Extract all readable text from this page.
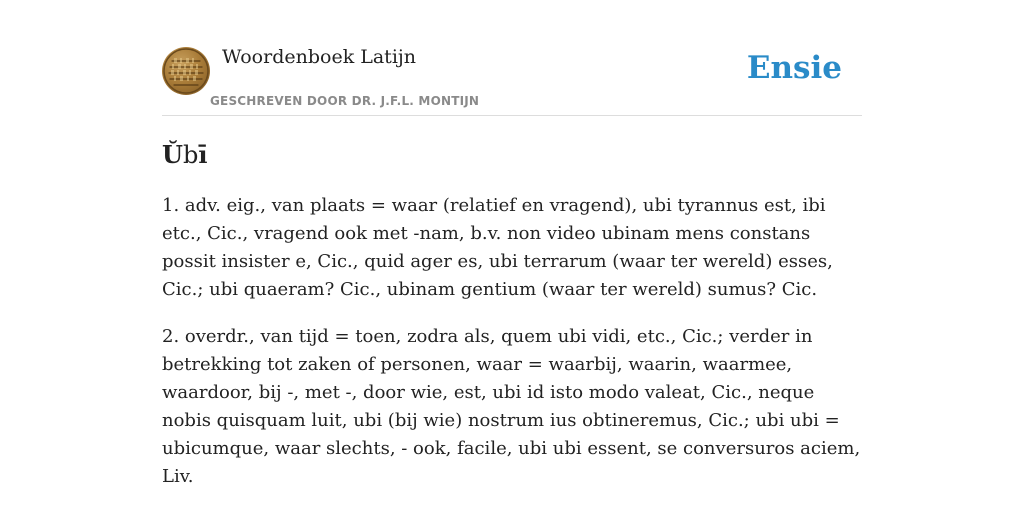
Woordenboek Latijn
GESCHREVEN DOOR DR. J.F.L. MONTIJN
Ensie
Ŭbī

1. adv. eig., van plaats = waar (relatief en vragend), ubi tyrannus est, ibi etc., Cic., vragend ook met -nam, b.v. non video ubinam mens constans possit insister e, Cic., quid ager es, ubi terrarum (waar ter wereld) esses, Cic.; ubi quaeram? Cic., ubinam gentium (waar ter wereld) sumus? Cic.

2. overdr., van tijd = toen, zodra als, quem ubi vidi, etc., Cic.; verder in betrekking tot zaken of personen, waar = waarbij, waarin, waarmee, waardoor, bij -, met -, door wie, est, ubi id isto modo valeat, Cic., neque nobis quisquam luit, ubi (bij wie) nostrum ius obtineremus, Cic.; ubi ubi = ubicumque, waar slechts, - ook, facile, ubi ubi essent, se conversuros aciem, Liv.
